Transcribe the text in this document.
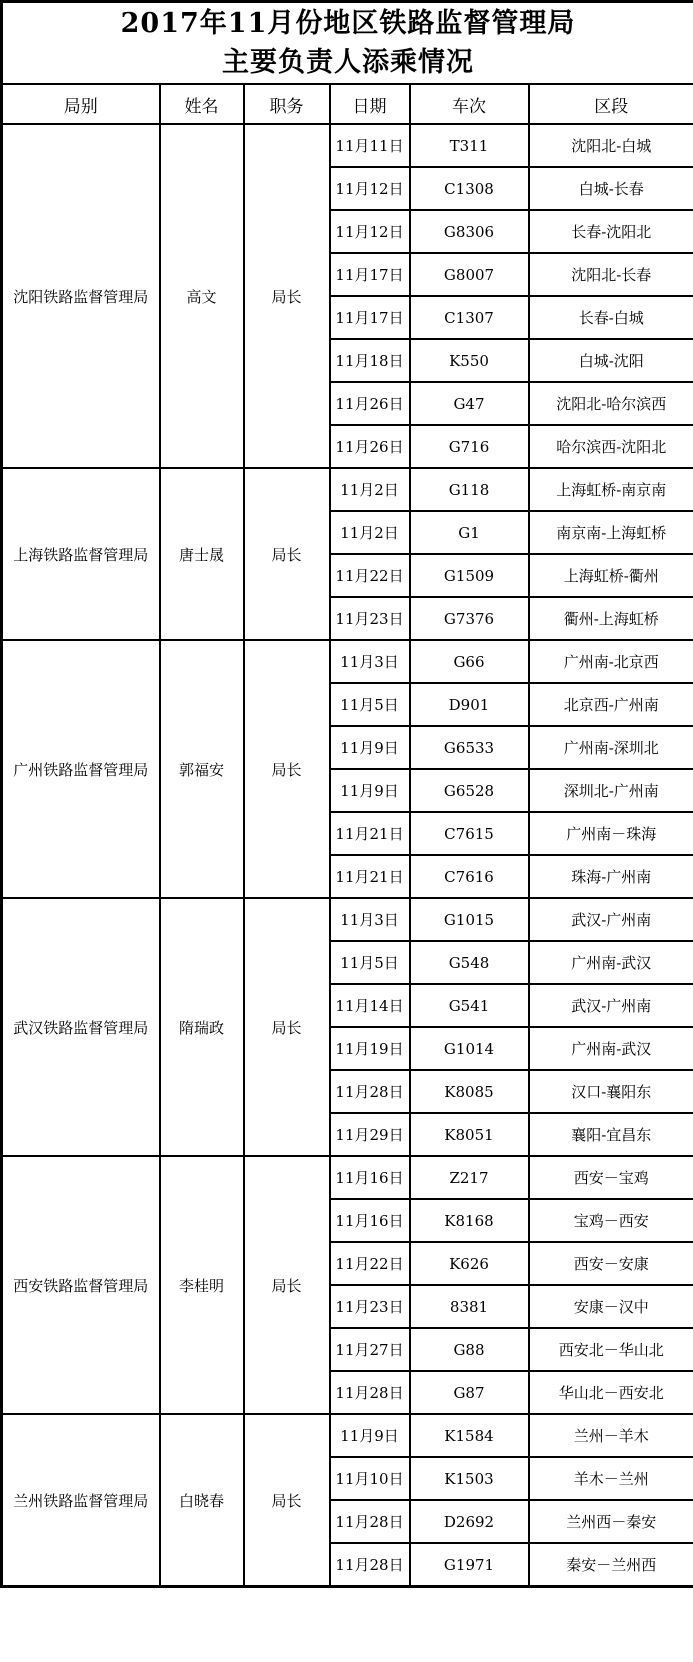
2017年11月份地区铁路监督管理局
主要负责人添乘情况					

局别	姓名	职务	日期	车次	区段
沈阳铁路监督管理局	高文	局长	11月11日	T311	沈阳北-白城
			11月12日	C1308	白城-长春
			11月12日	G8306	长春-沈阳北
			11月17日	G8007	沈阳北-长春
			11月17日	C1307	长春-白城
			11月18日	K550	白城-沈阳
			11月26日	G47	沈阳北-哈尔滨西
			11月26日	G716	哈尔滨西-沈阳北
上海铁路监督管理局	唐士晟	局长	11月2日	G118	上海虹桥-南京南
			11月2日	G1	南京南-上海虹桥
			11月22日	G1509	上海虹桥-衢州
			11月23日	G7376	衢州-上海虹桥
广州铁路监督管理局	郭福安	局长	11月3日	G66	广州南-北京西
			11月5日	D901	北京西-广州南
			11月9日	G6533	广州南-深圳北
			11月9日	G6528	深圳北-广州南
			11月21日	C7615	广州南－珠海
			11月21日	C7616	珠海-广州南
武汉铁路监督管理局	隋瑞政	局长	11月3日	G1015	武汉-广州南
			11月5日	G548	广州南-武汉
			11月14日	G541	武汉-广州南
			11月19日	G1014	广州南-武汉
			11月28日	K8085	汉口-襄阳东
			11月29日	K8051	襄阳-宜昌东
西安铁路监督管理局	李桂明	局长	11月16日	Z217	西安－宝鸡
			11月16日	K8168	宝鸡－西安
			11月22日	K626	西安－安康
			11月23日	8381	安康－汉中
			11月27日	G88	西安北－华山北
			11月28日	G87	华山北－西安北
兰州铁路监督管理局	白晓春	局长	11月9日	K1584	兰州－羊木
			11月10日	K1503	羊木－兰州
			11月28日	D2692	兰州西－秦安
			11月28日	G1971	秦安－兰州西
